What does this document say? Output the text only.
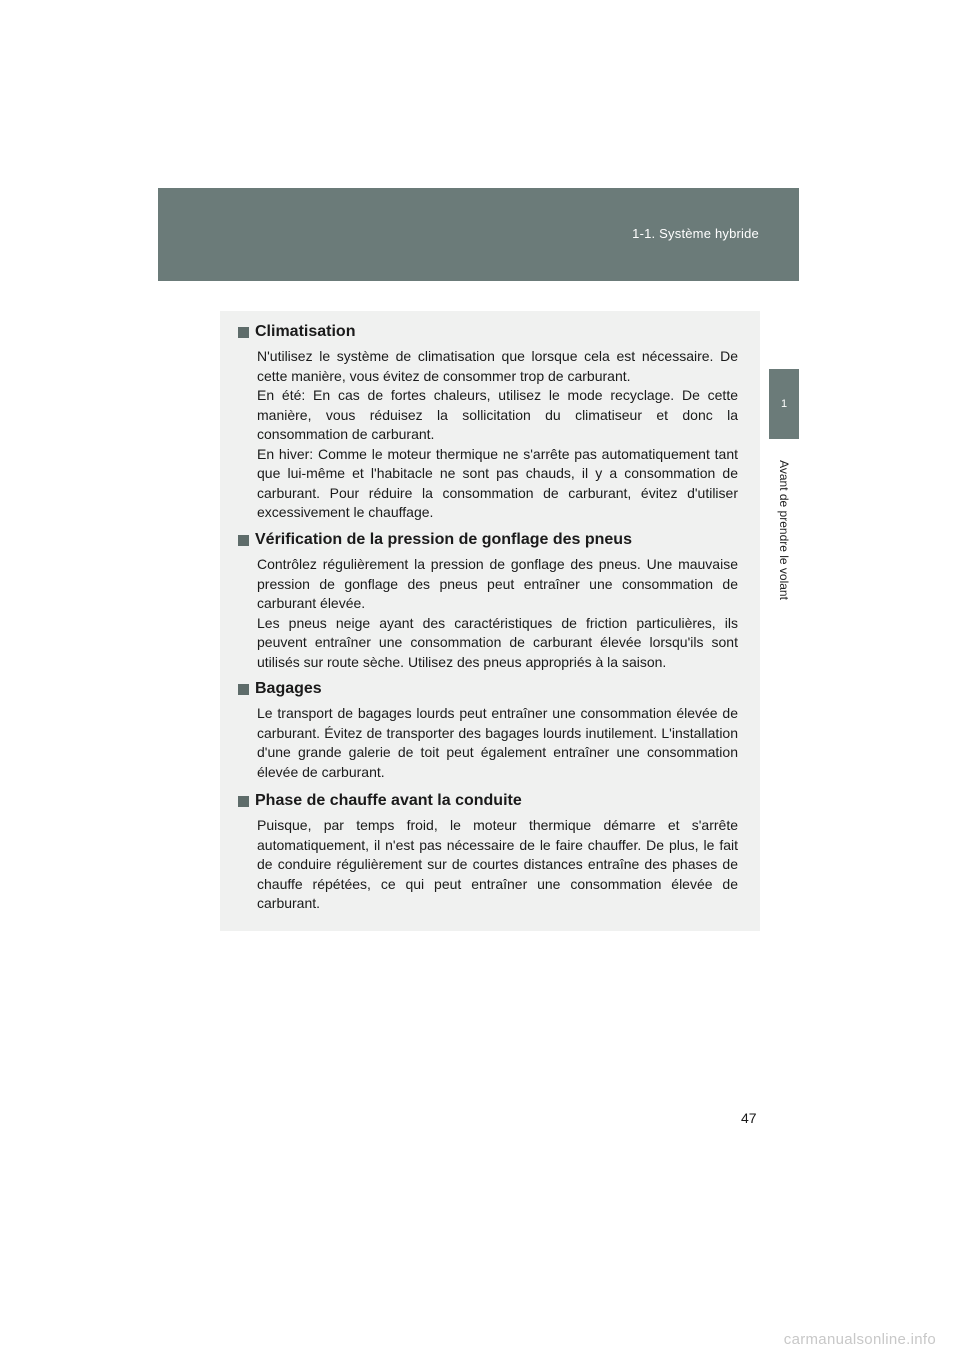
1-1. Système hybride
1
Avant de prendre le volant
Climatisation

N'utilisez le système de climatisation que lorsque cela est nécessaire. De cette manière, vous évitez de consommer trop de carburant.

En été: En cas de fortes chaleurs, utilisez le mode recyclage. De cette manière, vous réduisez la sollicitation du climatiseur et donc la consommation de carburant.

En hiver: Comme le moteur thermique ne s'arrête pas automatiquement tant que lui-même et l'habitacle ne sont pas chauds, il y a consommation de carburant. Pour réduire la consommation de carburant, évitez d'utiliser excessivement le chauffage.

Vérification de la pression de gonflage des pneus

Contrôlez régulièrement la pression de gonflage des pneus. Une mauvaise pression de gonflage des pneus peut entraîner une consommation de carburant élevée.

Les pneus neige ayant des caractéristiques de friction particulières, ils peuvent entraîner une consommation de carburant élevée lorsqu'ils sont utilisés sur route sèche. Utilisez des pneus appropriés à la saison.

Bagages

Le transport de bagages lourds peut entraîner une consommation élevée de carburant. Évitez de transporter des bagages lourds inutilement. L'installation d'une grande galerie de toit peut également entraîner une consommation élevée de carburant.

Phase de chauffe avant la conduite

Puisque, par temps froid, le moteur thermique démarre et s'arrête automatiquement, il n'est pas nécessaire de le faire chauffer. De plus, le fait de conduire régulièrement sur de courtes distances entraîne des phases de chauffe répétées, ce qui peut entraîner une consommation élevée de carburant.

47
carmanualsonline.info
